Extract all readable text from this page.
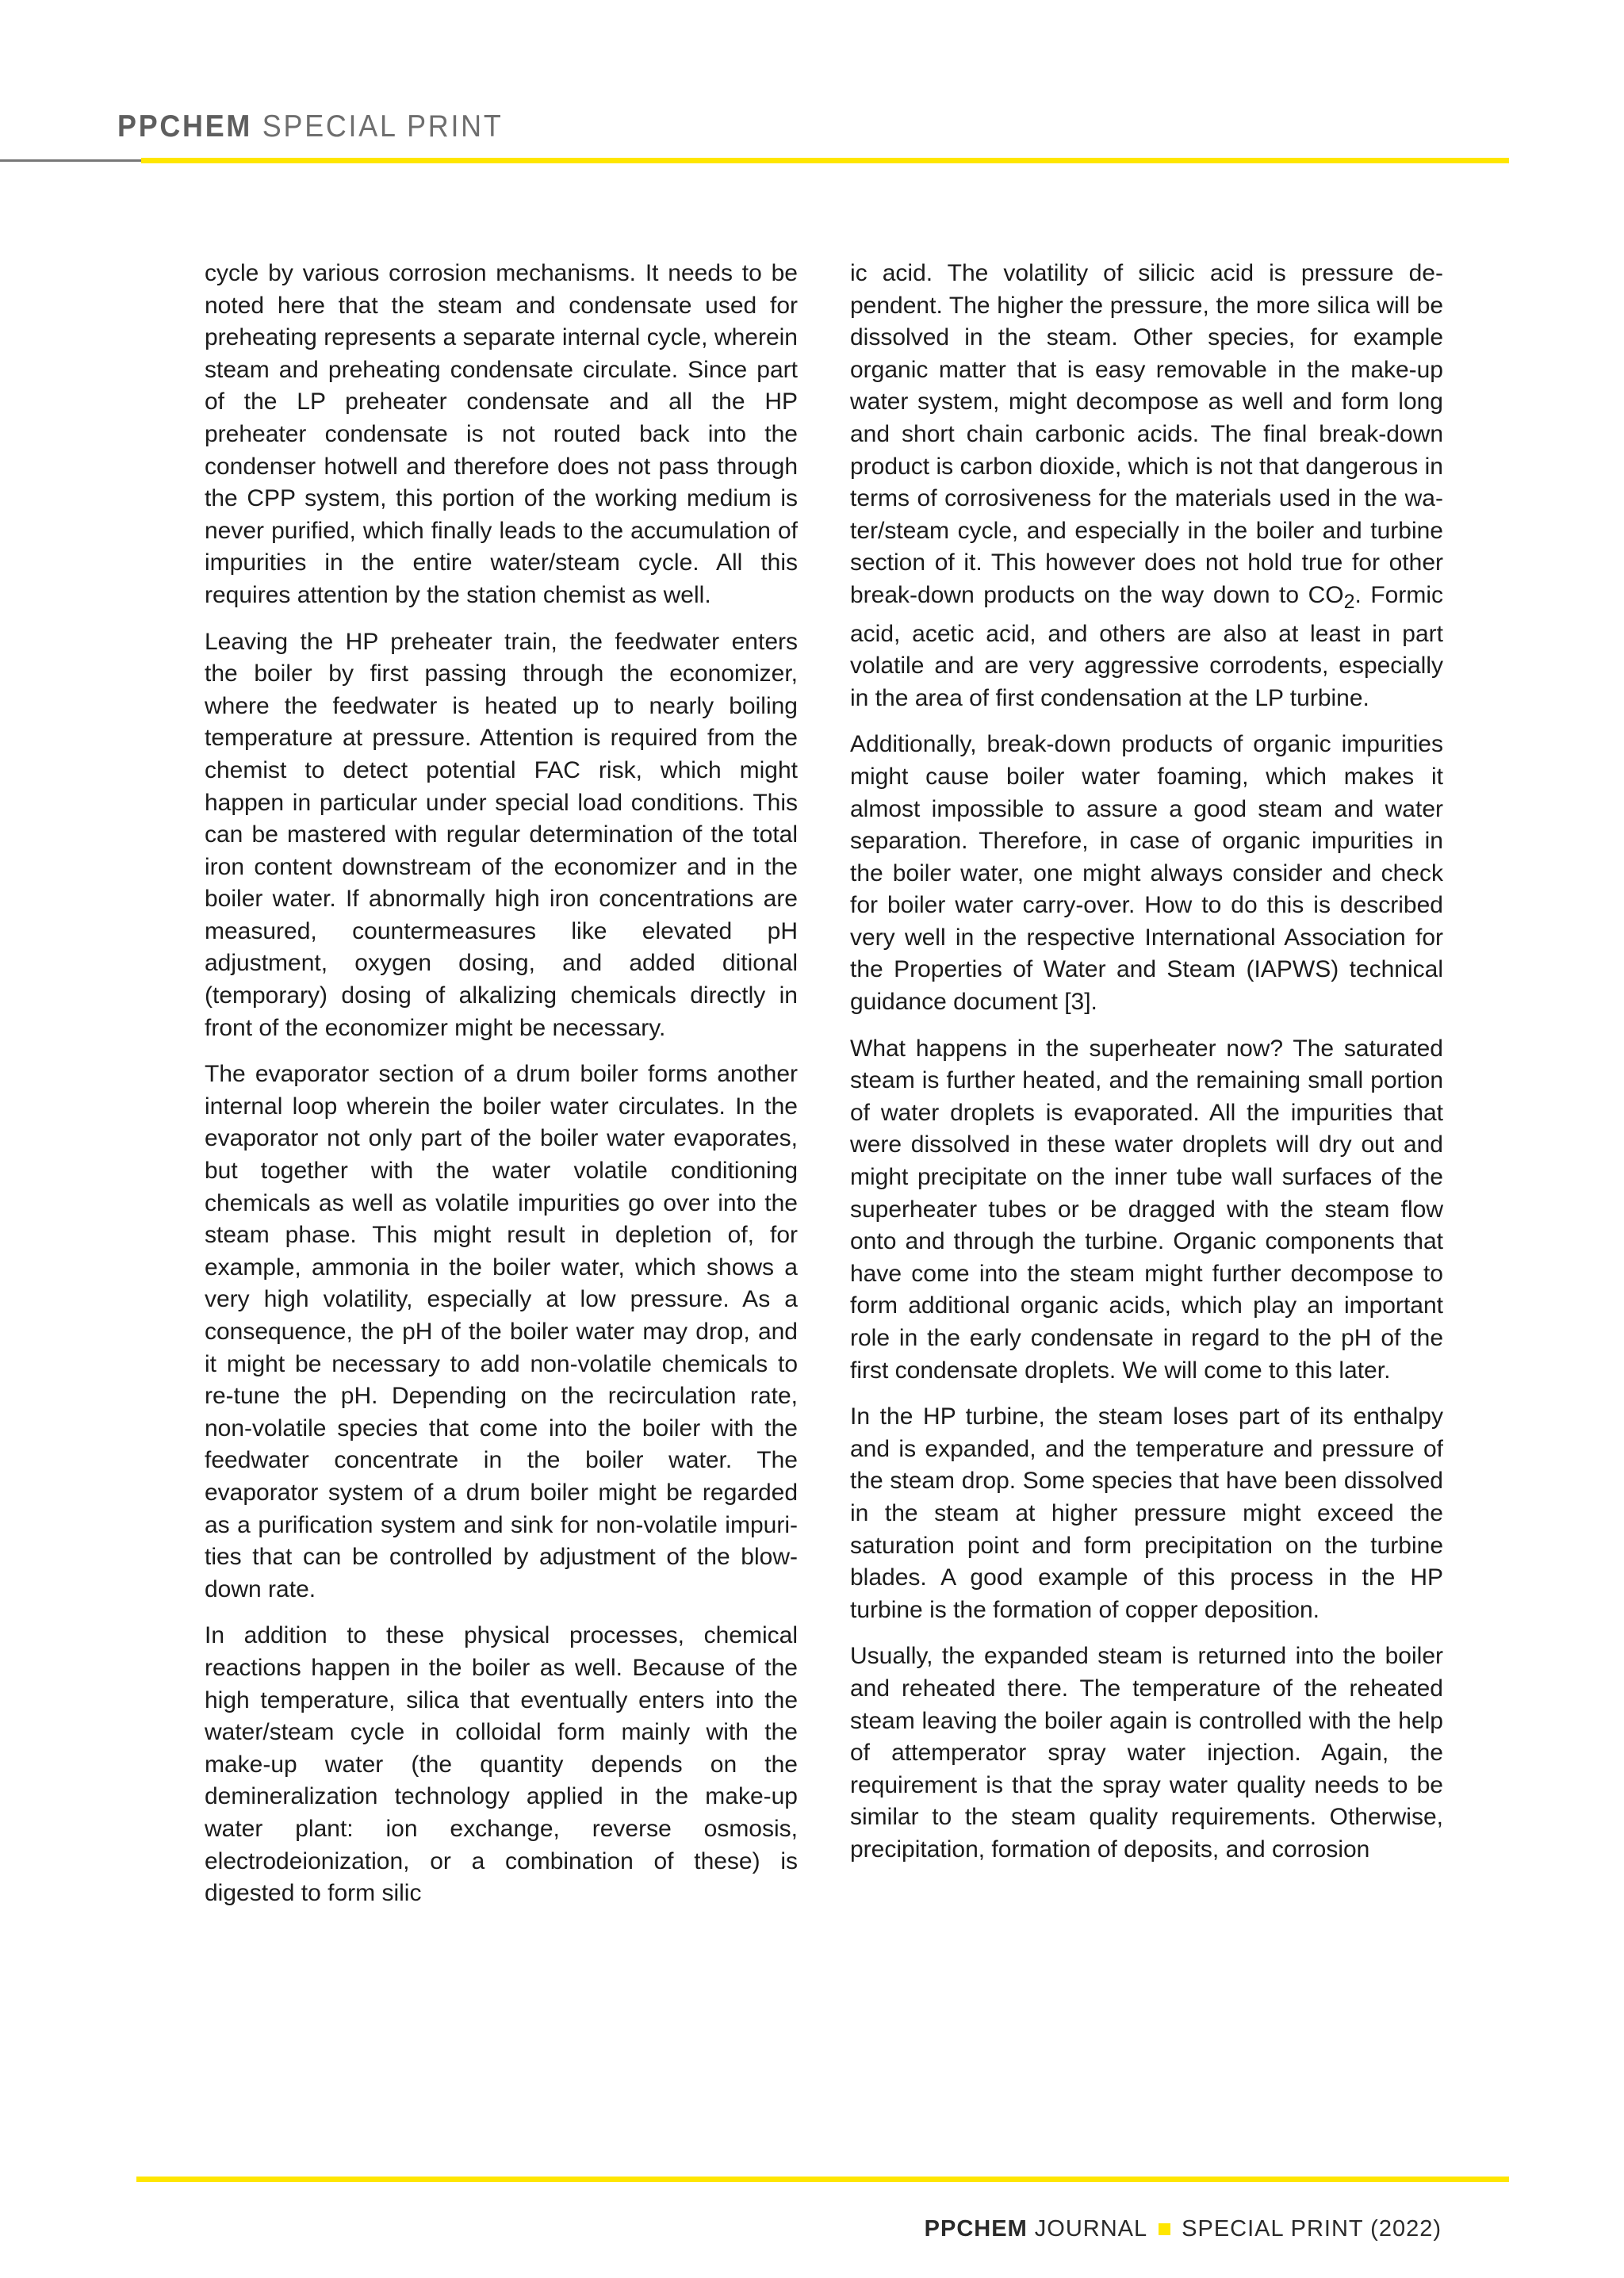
PPCHEM SPECIAL PRINT

cycle by various corrosion mechanisms. It needs to be noted here that the steam and condensate used for preheating represents a separate internal cycle, wherein steam and preheating condensate circulate. Since part of the LP preheater condensate and all the HP preheater condensate is not routed back into the condenser hotwell and therefore does not pass through the CPP system, this portion of the working medium is never purified, which finally leads to the accumulation of impurities in the entire water/steam cycle. All this requires attention by the station chemist as well.

Leaving the HP preheater train, the feedwater enters the boiler by first passing through the economizer, where the feedwater is heated up to nearly boiling temperature at pressure. Attention is required from the chemist to detect potential FAC risk, which might happen in particular under special load conditions. This can be mastered with regular determination of the total iron content downstream of the economizer and in the boiler water. If abnormally high iron concentrations are measured, countermeasures like elevated pH adjustment, oxygen dosing, and added ditional (temporary) dosing of alkalizing chemicals directly in front of the economizer might be necessary.

The evaporator section of a drum boiler forms another internal loop wherein the boiler water circulates. In the evaporator not only part of the boiler water evaporates, but together with the water volatile conditioning chemicals as well as volatile impurities go over into the steam phase. This might result in depletion of, for example, ammonia in the boiler water, which shows a very high volatility, especially at low pressure. As a consequence, the pH of the boiler water may drop, and it might be necessary to add non-volatile chemicals to re-tune the pH. Depending on the recirculation rate, non-volatile species that come into the boiler with the feedwater concentrate in the boiler water. The evaporator system of a drum boiler might be regarded as a purification system and sink for non-volatile impurities that can be controlled by adjustment of the blow-down rate.

In addition to these physical processes, chemical reactions happen in the boiler as well. Because of the high temperature, silica that eventually enters into the water/steam cycle in colloidal form mainly with the make-up water (the quantity depends on the demineralization technology applied in the make-up water plant: ion exchange, reverse osmosis, electrodeionization, or a combination of these) is digested to form silic

ic acid. The volatility of silicic acid is pressure dependent. The higher the pressure, the more silica will be dissolved in the steam. Other species, for example organic matter that is easy removable in the make-up water system, might decompose as well and form long and short chain carbonic acids. The final break-down product is carbon dioxide, which is not that dangerous in terms of corrosiveness for the materials used in the water/steam cycle, and especially in the boiler and turbine section of it. This however does not hold true for other break-down products on the way down to $CO_2$. Formic acid, acetic acid, and others are also at least in part volatile and are very aggressive corrodents, especially in the area of first condensation at the LP turbine.

Additionally, break-down products of organic impurities might cause boiler water foaming, which makes it almost impossible to assure a good steam and water separation. Therefore, in case of organic impurities in the boiler water, one might always consider and check for boiler water carry-over. How to do this is described very well in the respective International Association for the Properties of Water and Steam (IAPWS) technical guidance document [3].

What happens in the superheater now? The saturated steam is further heated, and the remaining small portion of water droplets is evaporated. All the impurities that were dissolved in these water droplets will dry out and might precipitate on the inner tube wall surfaces of the superheater tubes or be dragged with the steam flow onto and through the turbine. Organic components that have come into the steam might further decompose to form additional organic acids, which play an important role in the early condensate in regard to the pH of the first condensate droplets. We will come to this later.

In the HP turbine, the steam loses part of its enthalpy and is expanded, and the temperature and pressure of the steam drop. Some species that have been dissolved in the steam at higher pressure might exceed the saturation point and form precipitation on the turbine blades. A good example of this process in the HP turbine is the formation of copper deposition.

Usually, the expanded steam is returned into the boiler and reheated there. The temperature of the reheated steam leaving the boiler again is controlled with the help of attemperator spray water injection. Again, the requirement is that the spray water quality needs to be similar to the steam quality requirements. Otherwise, precipitation, formation of deposits, and corrosion

PPCHEM JOURNAL SPECIAL PRINT (2022)
